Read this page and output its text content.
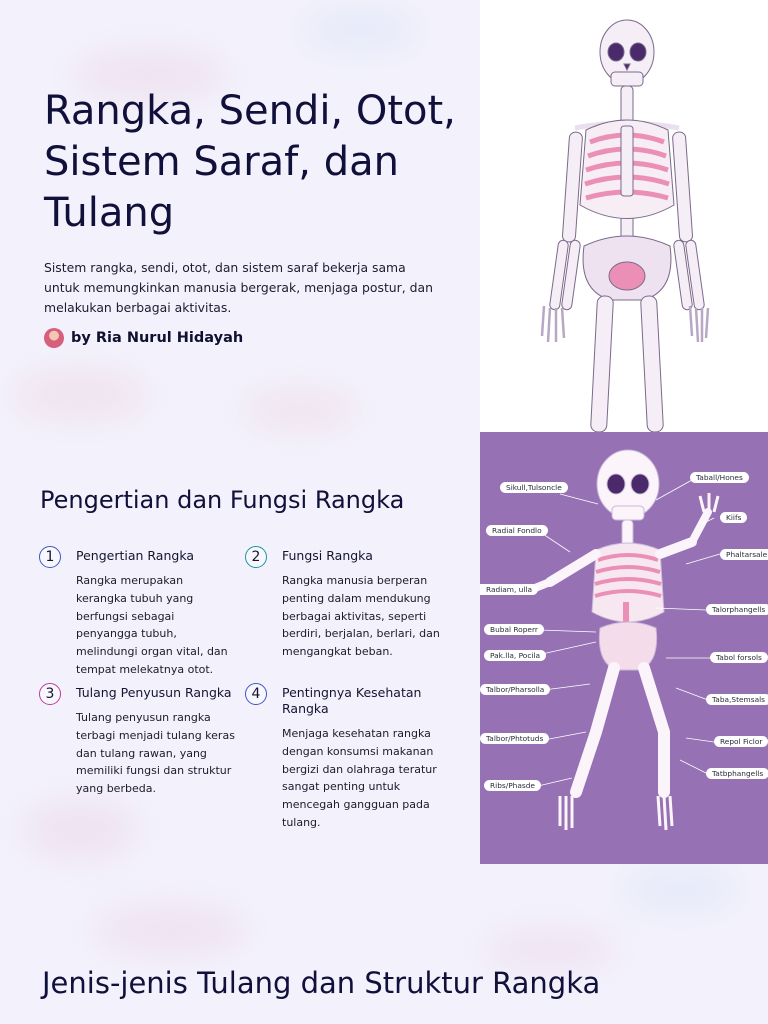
Rangka, Sendi, Otot, Sistem Saraf, dan Tulang

Sistem rangka, sendi, otot, dan sistem saraf bekerja sama untuk memungkinkan manusia bergerak, menjaga postur, dan melakukan berbagai aktivitas.

by Ria Nurul Hidayah
Sikull,Tulsoncle
Taball/Hones
Radial Fondlo
Kiifs
Phaltarsale
Radiam, ulla
Talorphangells
Bubal Roperr
Pak.lla, Pocila	Tabol forsols
Talbor/Pharsolla
Taba,Stemsals
Talbor/Phtotuds	Repol Ficlor
Tatbphangells
Ribs/Phasde
Pengertian dan Fungsi Rangka
1	Pengertian Rangka

Rangka merupakan kerangka tubuh yang berfungsi sebagai penyangga tubuh, melindungi organ vital, dan tempat melekatnya otot.

2	Fungsi Rangka

Rangka manusia berperan penting dalam mendukung berbagai aktivitas, seperti berdiri, berjalan, berlari, dan mengangkat beban.

3	Tulang Penyusun Rangka

Tulang penyusun rangka terbagi menjadi tulang keras dan tulang rawan, yang memiliki fungsi dan struktur yang berbeda.

4	Pentingnya Kesehatan Rangka

Menjaga kesehatan rangka dengan konsumsi makanan bergizi dan olahraga teratur sangat penting untuk mencegah gangguan pada tulang.

Jenis-jenis Tulang dan Struktur Rangka
